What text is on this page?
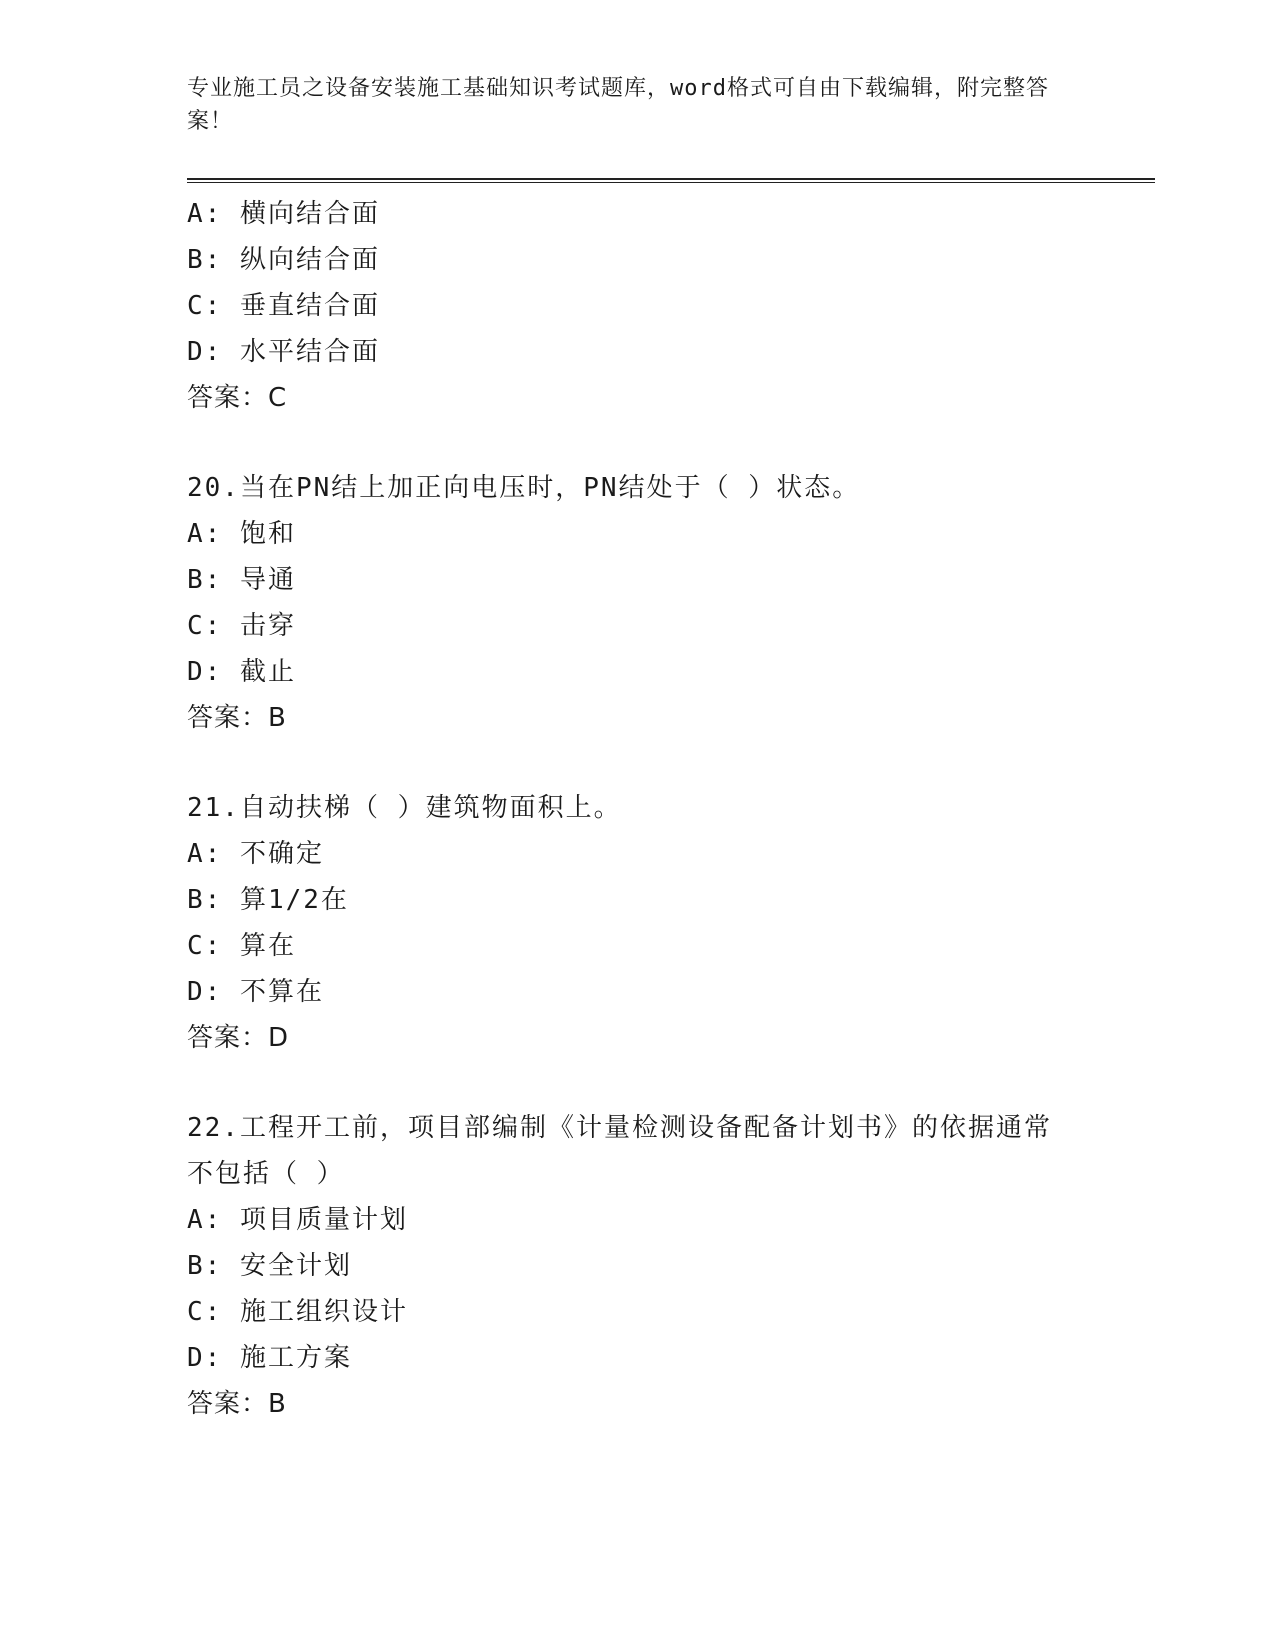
专业施工员之设备安装施工基础知识考试题库，word格式可自由下载编辑，附完整答案！
A: 横向结合面
B: 纵向结合面
C: 垂直结合面
D: 水平结合面
答案：C
20.当在PN结上加正向电压时，PN结处于（ ）状态。
A: 饱和
B: 导通
C: 击穿
D: 截止
答案：B
21.自动扶梯（ ）建筑物面积上。
A: 不确定
B: 算1/2在
C: 算在
D: 不算在
答案：D
22.工程开工前，项目部编制《计量检测设备配备计划书》的依据通常不包括（ ）
A: 项目质量计划
B: 安全计划
C: 施工组织设计
D: 施工方案
答案：B
